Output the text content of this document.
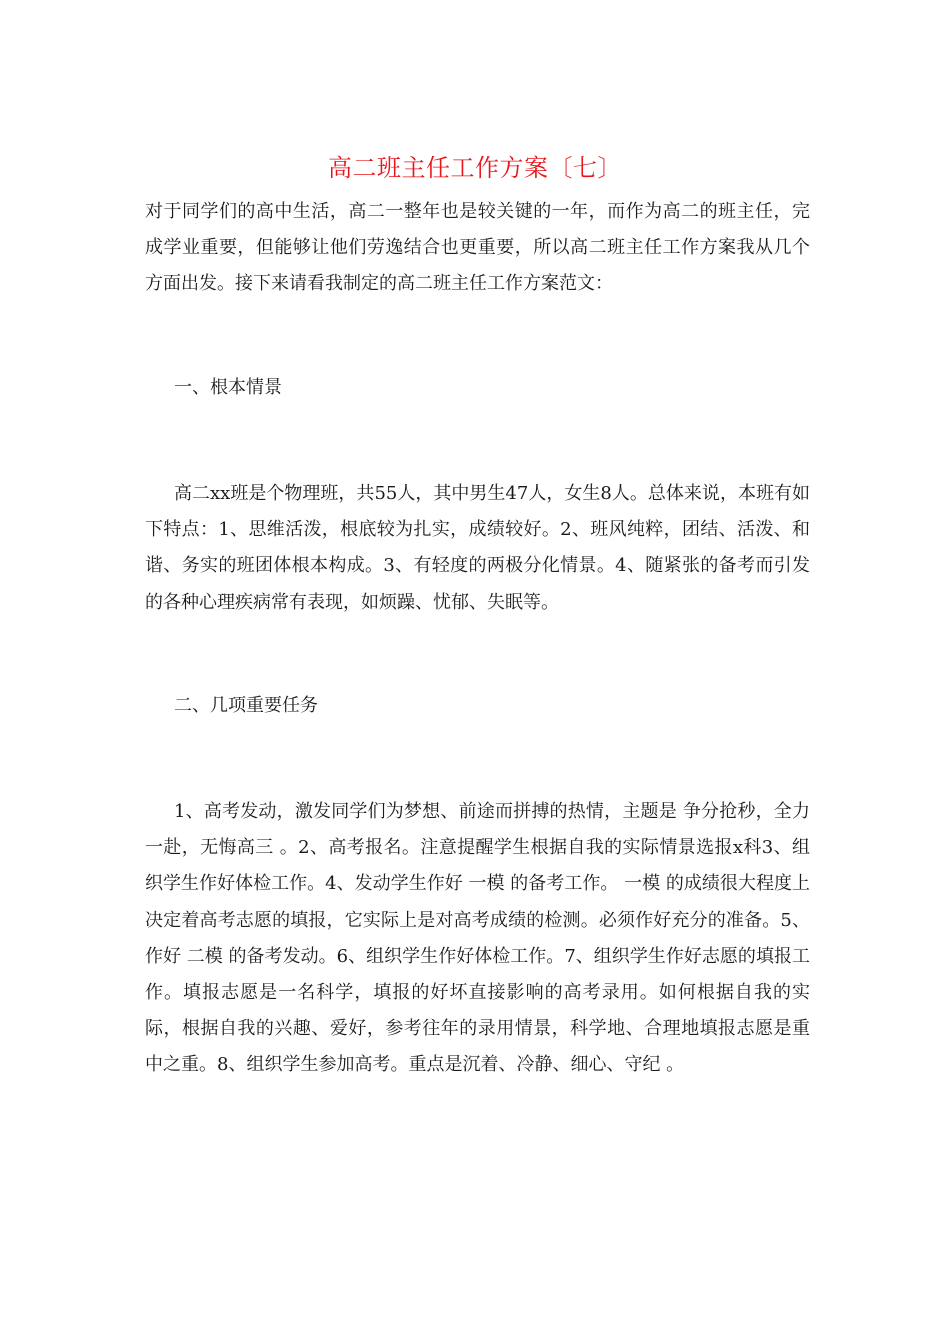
高二班主任工作方案〔七〕

对于同学们的高中生活，高二一整年也是较关键的一年，而作为高二的班主任，完成学业重要，但能够让他们劳逸结合也更重要，所以高二班主任工作方案我从几个方面出发。接下来请看我制定的高二班主任工作方案范文：

一、根本情景

高二xx班是个物理班，共55人，其中男生47人，女生8人。总体来说，本班有如下特点：1、思维活泼，根底较为扎实，成绩较好。2、班风纯粹，团结、活泼、和谐、务实的班团体根本构成。3、有轻度的两极分化情景。4、随紧张的备考而引发的各种心理疾病常有表现，如烦躁、忧郁、失眠等。

二、几项重要任务

1、高考发动，激发同学们为梦想、前途而拼搏的热情，主题是 争分抢秒，全力一赴，无悔高三 。2、高考报名。注意提醒学生根据自我的实际情景选报x科3、组织学生作好体检工作。4、发动学生作好 一模 的备考工作。 一模 的成绩很大程度上决定着高考志愿的填报，它实际上是对高考成绩的检测。必须作好充分的准备。5、作好 二模 的备考发动。6、组织学生作好体检工作。7、组织学生作好志愿的填报工作。填报志愿是一名科学，填报的好坏直接影响的高考录用。如何根据自我的实际，根据自我的兴趣、爱好，参考往年的录用情景，科学地、合理地填报志愿是重中之重。8、组织学生参加高考。重点是沉着、冷静、细心、守纪 。
